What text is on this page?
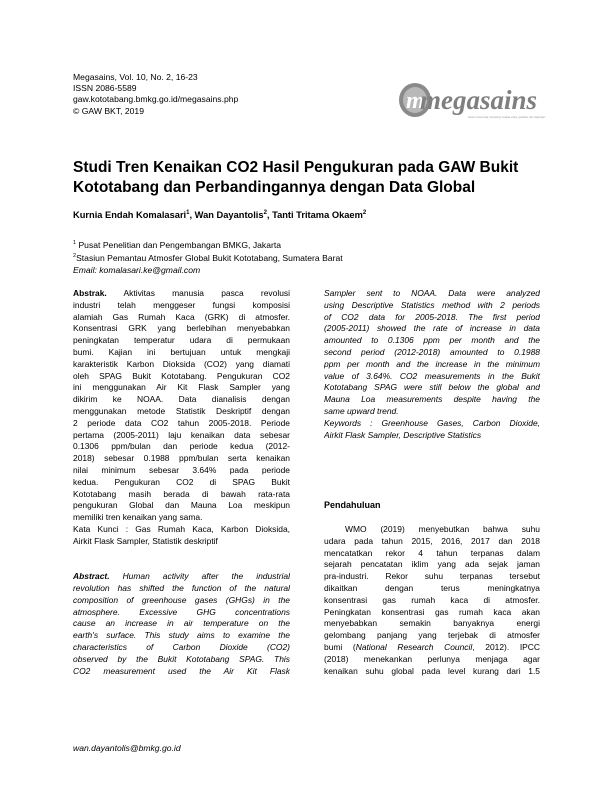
Megasains, Vol. 10, No. 2, 16-23
ISSN 2086-5589
gaw.kototabang.bmkg.go.id/megasains.php
© GAW BKT, 2019	m
megasains
buletin meteorologi, klimatologi, kualitas udara, geofisika, dan lingkungan
Studi Tren Kenaikan CO2 Hasil Pengukuran pada GAW Bukit Kototabang dan Perbandingannya dengan Data Global
Kurnia Endah Komalasari$^1$, Wan Dayantolis$^2$, Tanti Tritama Okaem$^2$
$^1$ Pusat Penelitian dan Pengembangan BMKG, Jakarta
$^2$Stasiun Pemantau Atmosfer Global Bukit Kototabang, Sumatera Barat
Email: komalasari.ke@gmail.com
Abstrak. Aktivitas manusia pasca revolusi
industri telah menggeser fungsi komposisi
alamiah Gas Rumah Kaca (GRK) di atmosfer.
Konsentrasi GRK yang berlebihan menyebabkan
peningkatan temperatur udara di permukaan
bumi. Kajian ini bertujuan untuk mengkaji
karakteristik Karbon Dioksida (CO2) yang diamati
oleh SPAG Bukit Kototabang. Pengukuran CO2
ini menggunakan Air Kit Flask Sampler yang
dikirim ke NOAA. Data dianalisis dengan
menggunakan metode Statistik Deskriptif dengan
2 periode data CO2 tahun 2005-2018. Periode
pertama (2005-2011) laju kenaikan data sebesar
0.1306 ppm/bulan dan periode kedua (2012-
2018) sebesar 0.1988 ppm/bulan serta kenaikan
nilai minimum sebesar 3.64% pada periode
kedua. Pengukuran CO2 di SPAG Bukit
Kototabang masih berada di bawah rata-rata
pengukuran Global dan Mauna Loa meskipun
memiliki tren kenaikan yang sama.
Kata Kunci : Gas Rumah Kaca, Karbon Dioksida,
Airkit Flask Sampler, Statistik deskriptif
Abstract. Human activity after the industrial
revolution has shifted the function of the natural
composition of greenhouse gases (GHGs) in the
atmosphere. Excessive GHG concentrations
cause an increase in air temperature on the
earth's surface. This study aims to examine the
characteristics of Carbon Dioxide (CO2)
observed by the Bukit Kototabang SPAG. This
CO2 measurement used the Air Kit Flask
Sampler sent to NOAA. Data were analyzed
using Descriptive Statistics method with 2 periods
of CO2 data for 2005-2018. The first period
(2005-2011) showed the rate of increase in data
amounted to 0.1306 ppm per month and the
second period (2012-2018) amounted to 0.1988
ppm per month and the increase in the minimum
value of 3.64%. CO2 measurements in the Bukit
Kototabang SPAG were still below the global and
Mauna Loa measurements despite having the
same upward trend.
Keywords : Greenhouse Gases, Carbon Dioxide,
Airkit Flask Sampler, Descriptive Statistics
Pendahuluan
WMO (2019) menyebutkan bahwa suhu
udara pada tahun 2015, 2016, 2017 dan 2018
mencatatkan rekor 4 tahun terpanas dalam
sejarah pencatatan iklim yang ada sejak jaman
pra-industri. Rekor suhu terpanas tersebut
dikaitkan dengan terus meningkatnya
konsentrasi gas rumah kaca di atmosfer.
Peningkatan konsentrasi gas rumah kaca akan
menyebabkan semakin banyaknya energi
gelombang panjang yang terjebak di atmosfer
bumi (National Research Council, 2012). IPCC
(2018) menekankan perlunya menjaga agar
kenaikan suhu global pada level kurang dari 1.5
wan.dayantolis@bmkg.go.id
